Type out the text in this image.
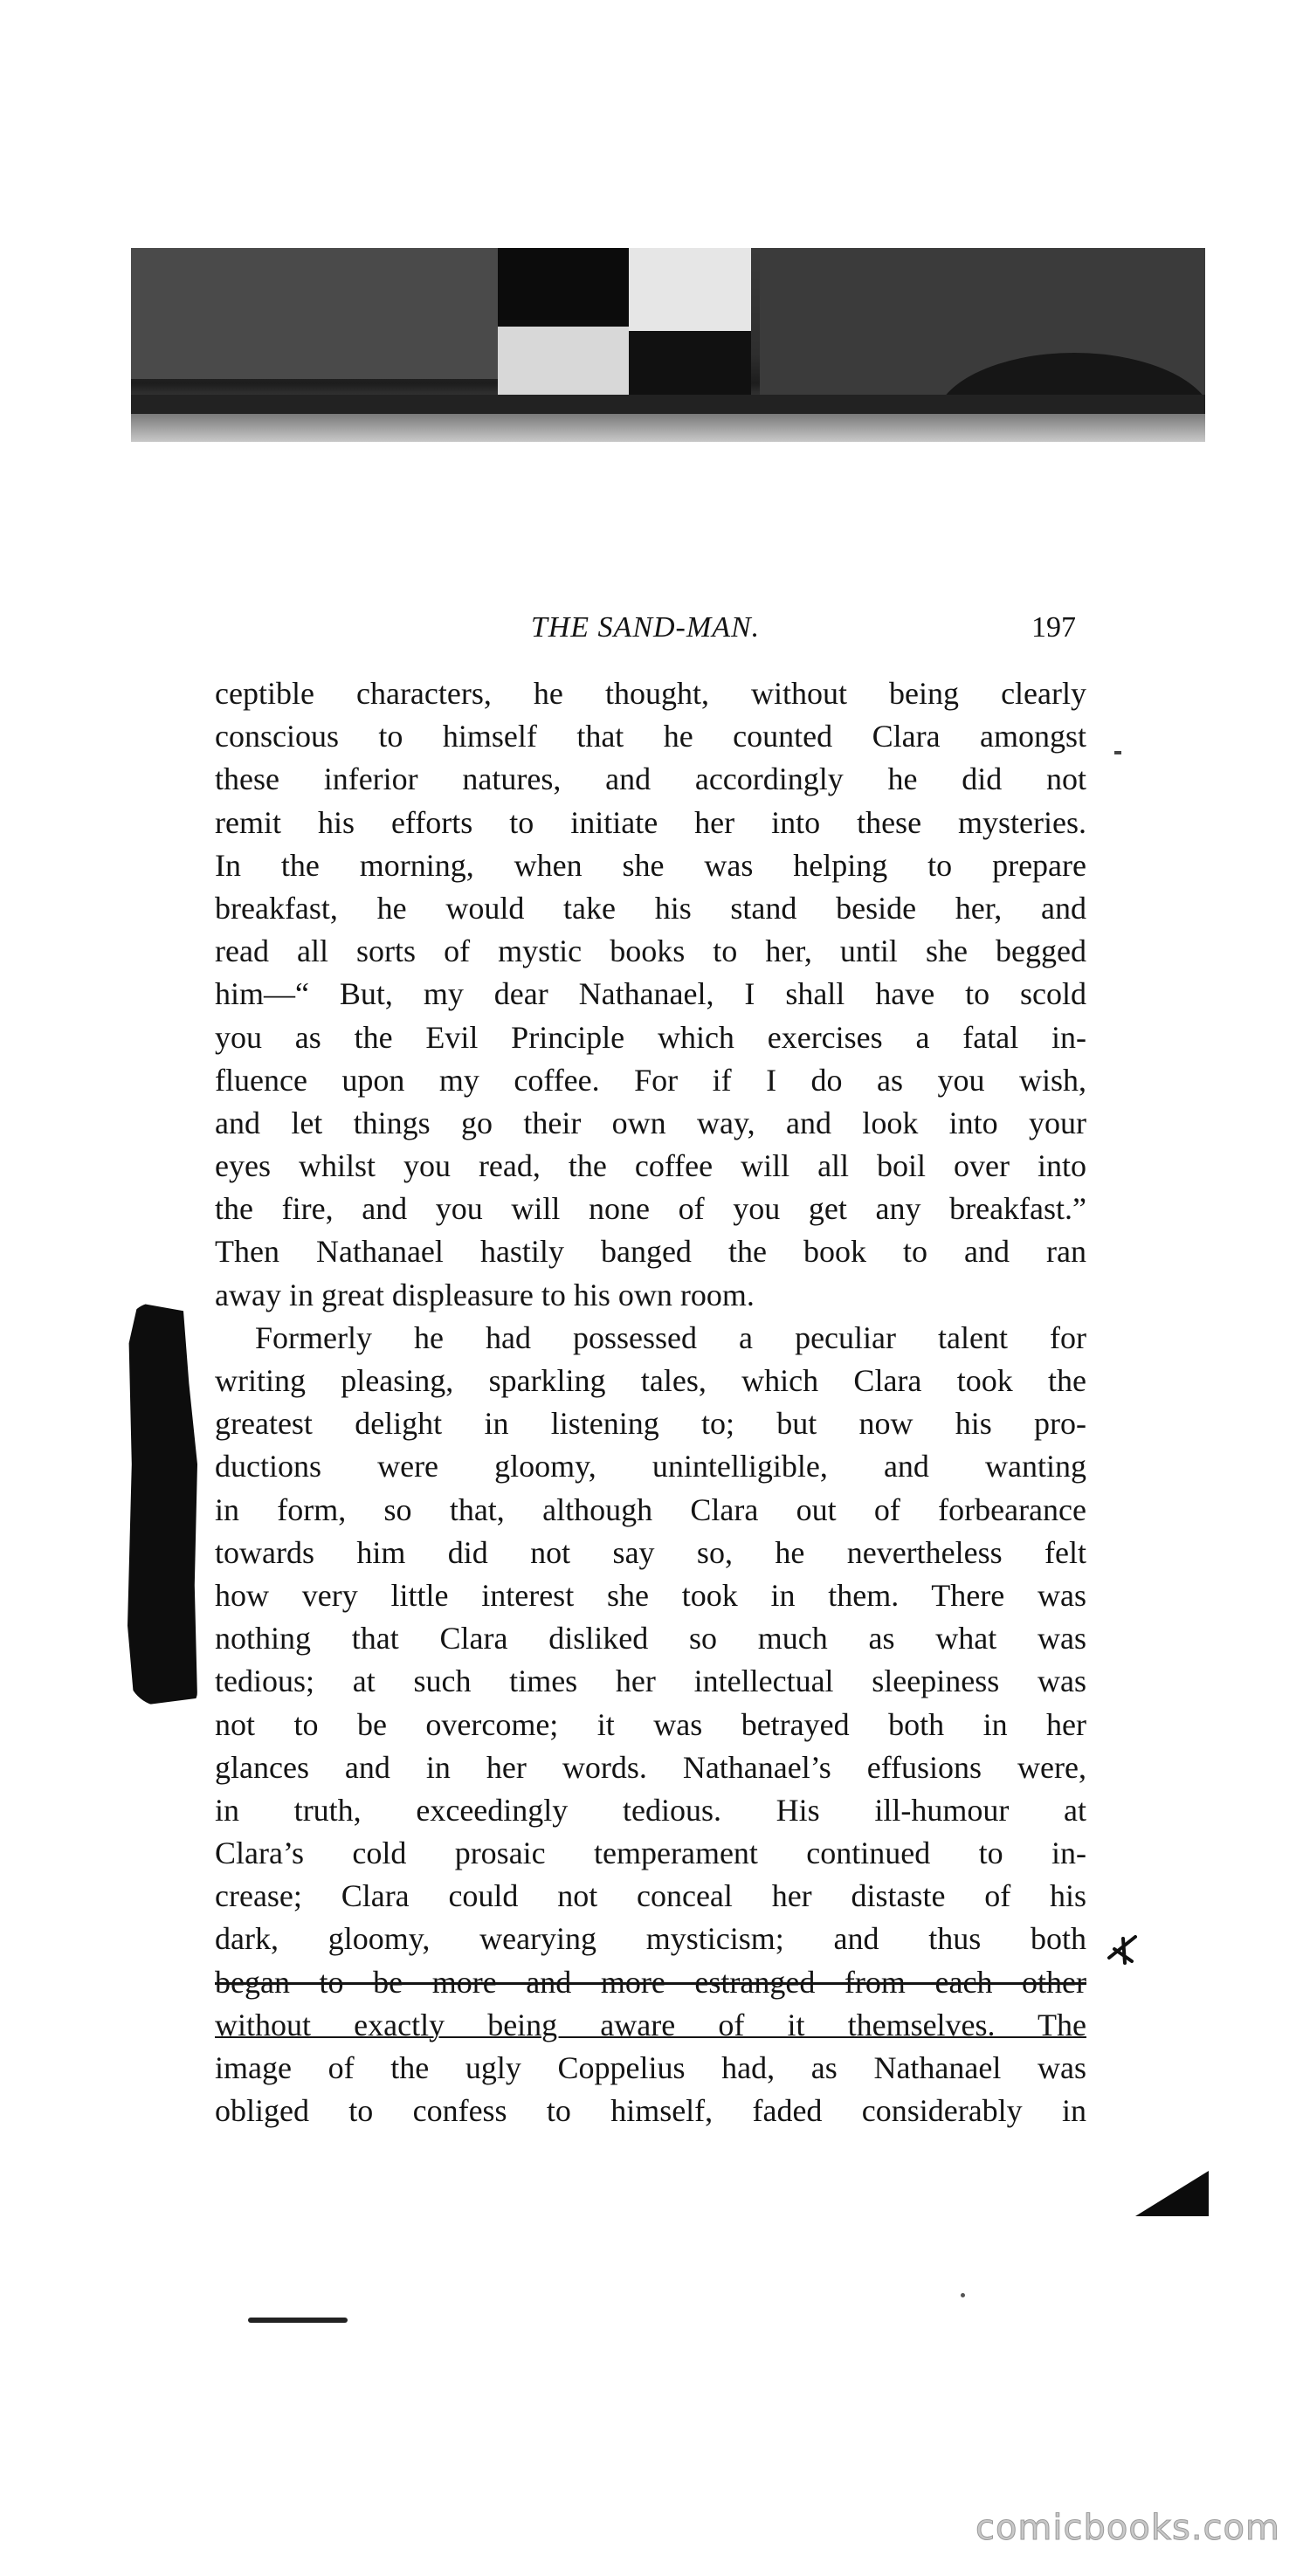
THE SAND-MAN.	197
ceptible characters, he thought, without being clearly
conscious to himself that he counted Clara amongst
these inferior natures, and accordingly he did not
remit his efforts to initiate her into these mysteries.
In the morning, when she was helping to prepare
breakfast, he would take his stand beside her, and
read all sorts of mystic books to her, until she begged
him—“ But, my dear Nathanael, I shall have to scold
you as the Evil Principle which exercises a fatal in-
fluence upon my coffee. For if I do as you wish,
and let things go their own way, and look into your
eyes whilst you read, the coffee will all boil over into
the fire, and you will none of you get any breakfast.”
Then Nathanael hastily banged the book to and ran
away in great displeasure to his own room.
Formerly he had possessed a peculiar talent for
writing pleasing, sparkling tales, which Clara took the
greatest delight in listening to; but now his pro-
ductions were gloomy, unintelligible, and wanting
in form, so that, although Clara out of forbearance
towards him did not say so, he nevertheless felt
how very little interest she took in them. There was
nothing that Clara disliked so much as what was
tedious; at such times her intellectual sleepiness was
not to be overcome; it was betrayed both in her
glances and in her words. Nathanael’s effusions were,
in truth, exceedingly tedious. His ill-humour at
Clara’s cold prosaic temperament continued to in-
crease; Clara could not conceal her distaste of his
dark, gloomy, wearying mysticism; and thus both
began to be more and more estranged from each other
without exactly being aware of it themselves. The
image of the ugly Coppelius had, as Nathanael was
obliged to confess to himself, faded considerably in
comicbooks.com
